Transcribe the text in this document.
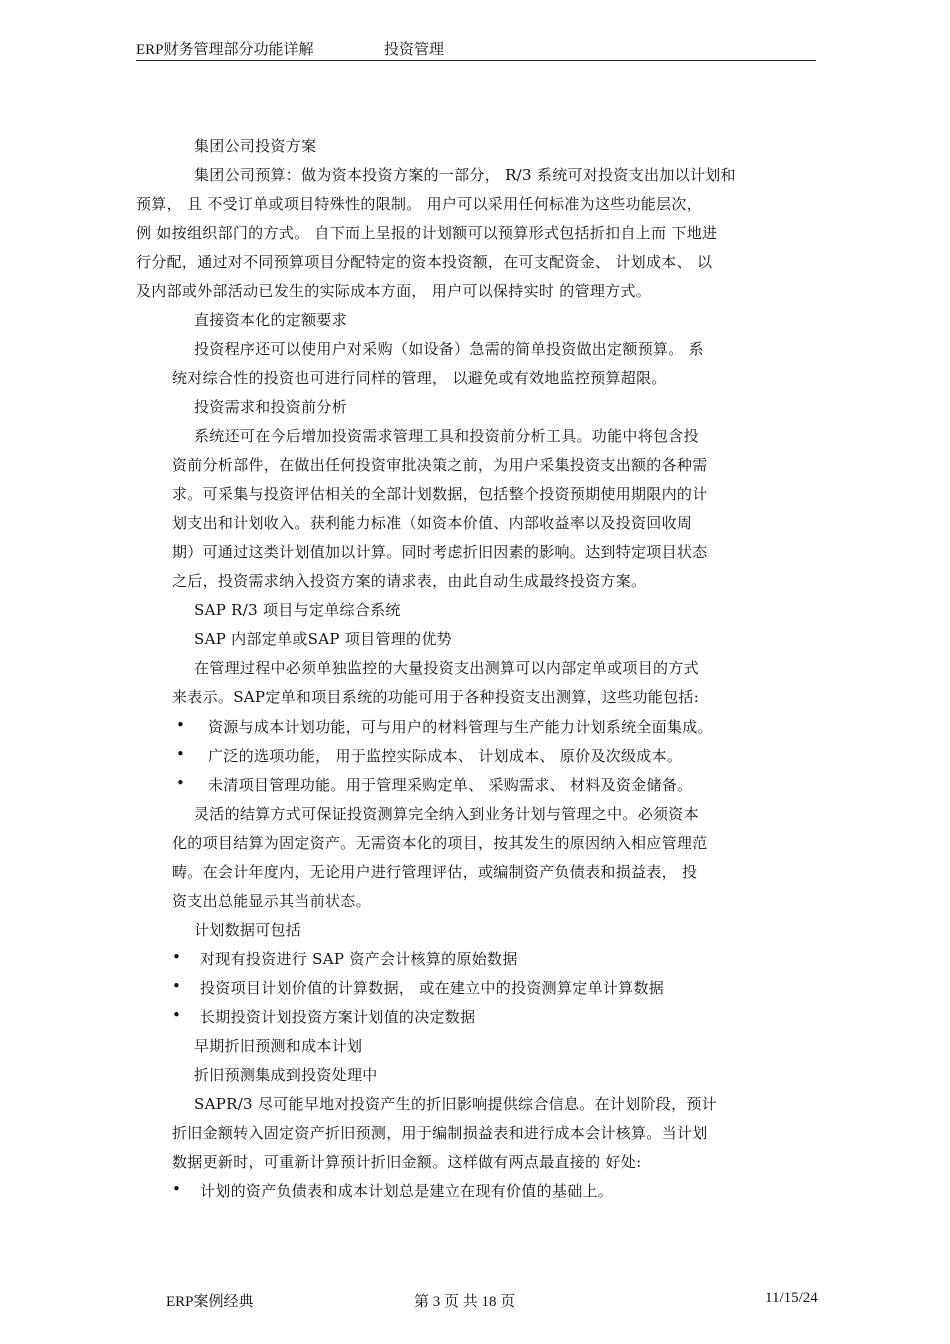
ERP财务管理部分功能详解	投资管理
集团公司投资方案
集团公司预算：做为资本投资方案的一部分， R/3 系统可对投资支出加以计划和
预算， 且 不受订单或项目特殊性的限制。 用户可以采用任何标准为这些功能层次，
例 如按组织部门的方式。 自下而上呈报的计划额可以预算形式包括折扣自上而 下地进
行分配，通过对不同预算项目分配特定的资本投资额，在可支配资金、 计划成本、 以
及内部或外部活动已发生的实际成本方面， 用户可以保持实时 的管理方式。
直接资本化的定额要求
投资程序还可以使用户对采购（如设备）急需的简单投资做出定额预算。 系
统对综合性的投资也可进行同样的管理， 以避免或有效地监控预算超限。
投资需求和投资前分析
系统还可在今后增加投资需求管理工具和投资前分析工具。功能中将包含投
资前分析部件，在做出任何投资审批决策之前，为用户采集投资支出额的各种需
求。可采集与投资评估相关的全部计划数据，包括整个投资预期使用期限内的计
划支出和计划收入。获利能力标准（如资本价值、内部收益率以及投资回收周
期）可通过这类计划值加以计算。同时考虑折旧因素的影响。达到特定项目状态
之后，投资需求纳入投资方案的请求表，由此自动生成最终投资方案。
SAP R/3 项目与定单综合系统
SAP 内部定单或SAP 项目管理的优势
在管理过程中必须单独监控的大量投资支出测算可以内部定单或项目的方式
来表示。SAP定单和项目系统的功能可用于各种投资支出测算，这些功能包括:
• 资源与成本计划功能，可与用户的材料管理与生产能力计划系统全面集成。
• 广泛的选项功能， 用于监控实际成本、 计划成本、 原价及次级成本。
• 未清项目管理功能。用于管理采购定单、 采购需求、 材料及资金储备。
灵活的结算方式可保证投资测算完全纳入到业务计划与管理之中。必须资本
化的项目结算为固定资产。无需资本化的项目，按其发生的原因纳入相应管理范
畴。在会计年度内，无论用户进行管理评估，或编制资产负债表和损益表， 投
资支出总能显示其当前状态。
计划数据可包括
• 对现有投资进行 SAP 资产会计核算的原始数据
• 投资项目计划价值的计算数据， 或在建立中的投资测算定单计算数据
• 长期投资计划投资方案计划值的决定数据
早期折旧预测和成本计划
折旧预测集成到投资处理中
SAPR/3 尽可能早地对投资产生的折旧影响提供综合信息。在计划阶段，预计
折旧金额转入固定资产折旧预测，用于编制损益表和进行成本会计核算。当计划
数据更新时，可重新计算预计折旧金额。这样做有两点最直接的 好处:
• 计划的资产负债表和成本计划总是建立在现有价值的基础上。
ERP案例经典	第 3 页 共 18 页	11/15/24
